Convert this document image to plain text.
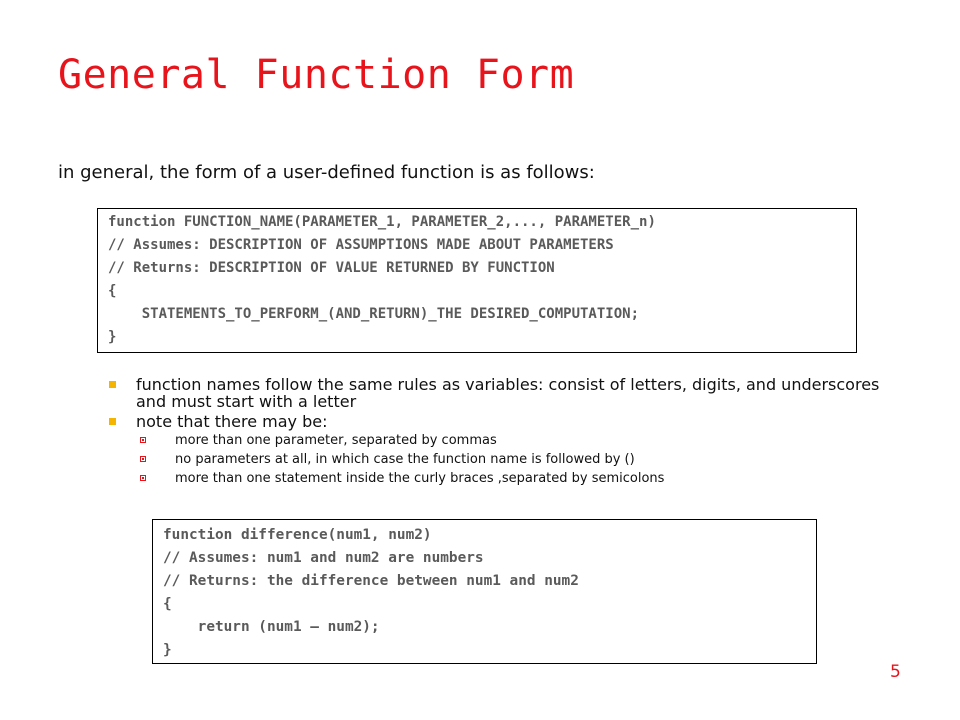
General Function Form

in general, the form of a user-defined function is as follows:

function FUNCTION_NAME(PARAMETER_1, PARAMETER_2,..., PARAMETER_n)
// Assumes: DESCRIPTION OF ASSUMPTIONS MADE ABOUT PARAMETERS
// Returns: DESCRIPTION OF VALUE RETURNED BY FUNCTION
{
STATEMENTS_TO_PERFORM_(AND_RETURN)_THE DESIRED_COMPUTATION;
}
function names follow the same rules as variables: consist of letters, digits, and underscores and must start with a letter
note that there may be:
more than one parameter, separated by commas
no parameters at all, in which case the function name is followed by ()
more than one statement inside the curly braces ,separated by semicolons
function difference(num1, num2)
// Assumes: num1 and num2 are numbers
// Returns: the difference between num1 and num2
{
return (num1 – num2);
}
5
